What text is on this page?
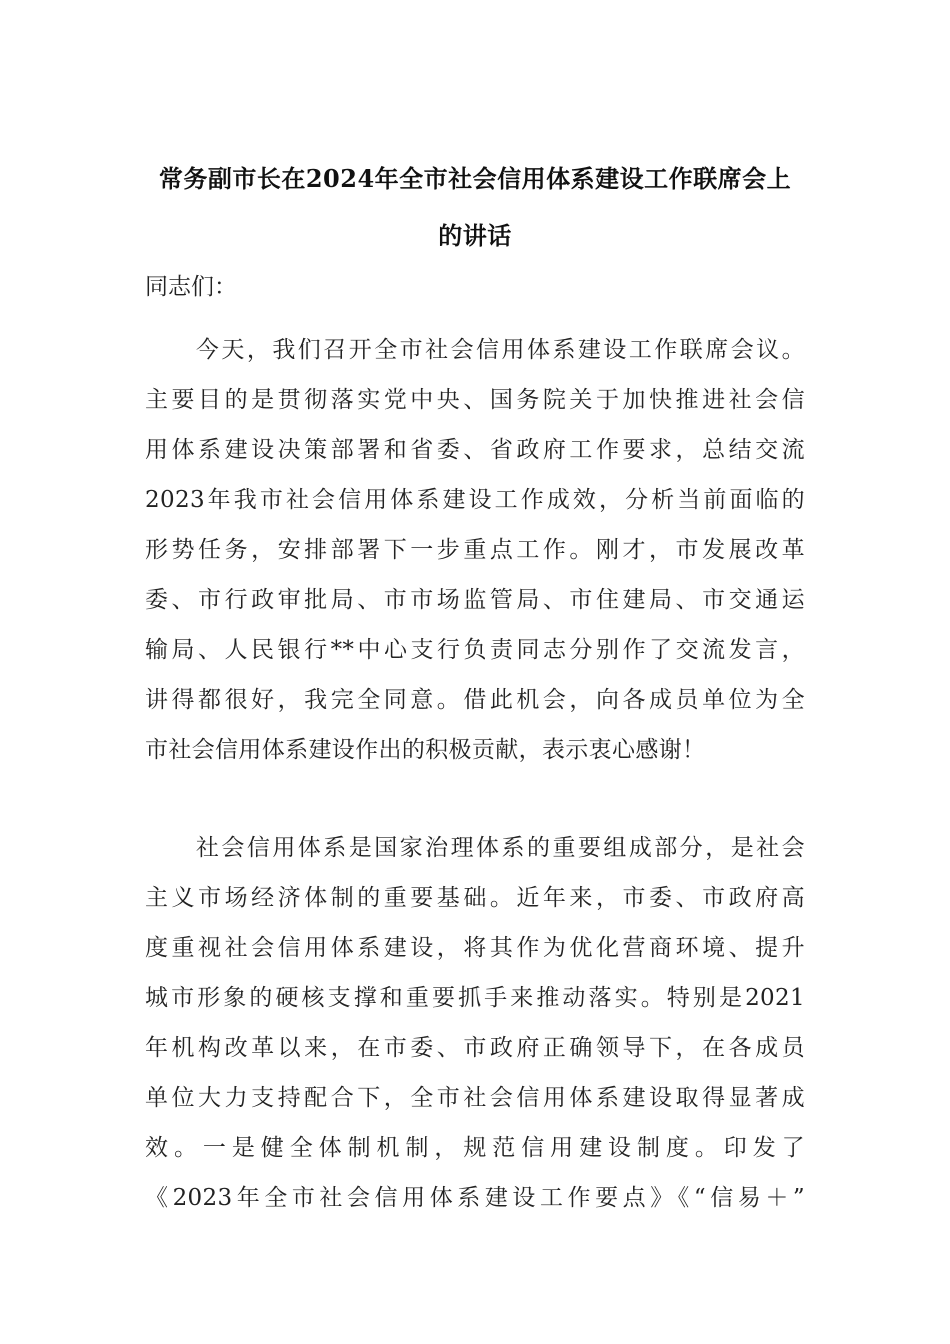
常务副市长在2024年全市社会信用体系建设工作联席会上
的讲话
同志们：
　　今天，我们召开全市社会信用体系建设工作联席会议。
主要目的是贯彻落实党中央、国务院关于加快推进社会信
用体系建设决策部署和省委、省政府工作要求，总结交流
2023年我市社会信用体系建设工作成效，分析当前面临的
形势任务，安排部署下一步重点工作。刚才，市发展改革
委、市行政审批局、市市场监管局、市住建局、市交通运
输局、人民银行**中心支行负责同志分别作了交流发言，
讲得都很好，我完全同意。借此机会，向各成员单位为全
市社会信用体系建设作出的积极贡献，表示衷心感谢！
　　社会信用体系是国家治理体系的重要组成部分，是社会
主义市场经济体制的重要基础。近年来，市委、市政府高
度重视社会信用体系建设，将其作为优化营商环境、提升
城市形象的硬核支撑和重要抓手来推动落实。特别是2021
年机构改革以来，在市委、市政府正确领导下，在各成员
单位大力支持配合下，全市社会信用体系建设取得显著成
效。一是健全体制机制，规范信用建设制度。印发了
《2023年全市社会信用体系建设工作要点》《“信易＋”
